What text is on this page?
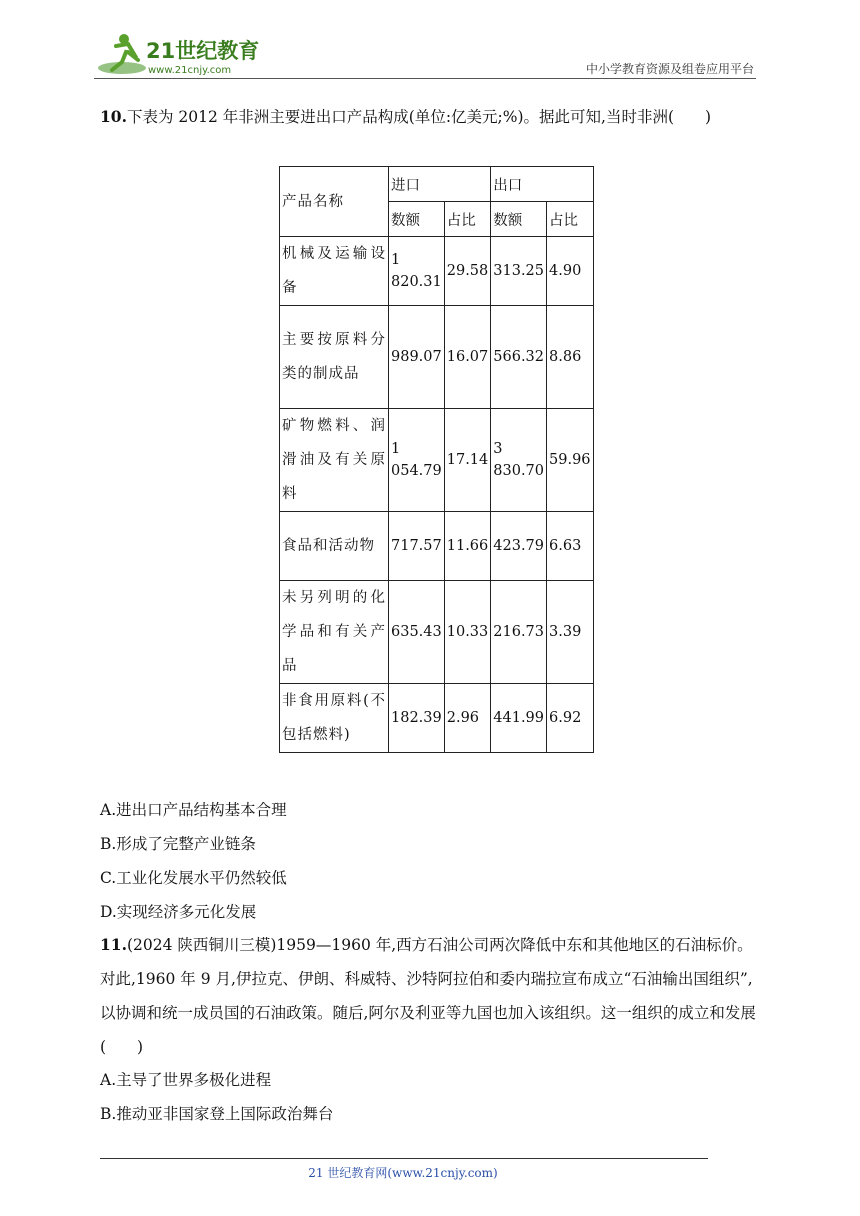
21世纪教育
www.21cnjy.com	中小学教育资源及组卷应用平台
10.下表为 2012 年非洲主要进出口产品构成(单位:亿美元;%)。据此可知,当时非洲(　　)
产品名称	进口		出口	
	数额	占比	数额	占比
机械及运输设备	1 820.31	29.58	313.25	4.90
主要按原料分类的制成品	989.07	16.07	566.32	8.86
矿物燃料、润滑油及有关原料	1 054.79	17.14	3 830.70	59.96
食品和活动物	717.57	11.66	423.79	6.63
未另列明的化学品和有关产品	635.43	10.33	216.73	3.39
非食用原料(不包括燃料)	182.39	2.96	441.99	6.92
A.进出口产品结构基本合理
B.形成了完整产业链条
C.工业化发展水平仍然较低
D.实现经济多元化发展
11.(2024 陕西铜川三模)1959—1960 年,西方石油公司两次降低中东和其他地区的石油标价。对此,1960 年 9 月,伊拉克、伊朗、科威特、沙特阿拉伯和委内瑞拉宣布成立“石油输出国组织”,以协调和统一成员国的石油政策。随后,阿尔及利亚等九国也加入该组织。这一组织的成立和发展(　　)
A.主导了世界多极化进程
B.推动亚非国家登上国际政治舞台
21 世纪教育网(www.21cnjy.com)
